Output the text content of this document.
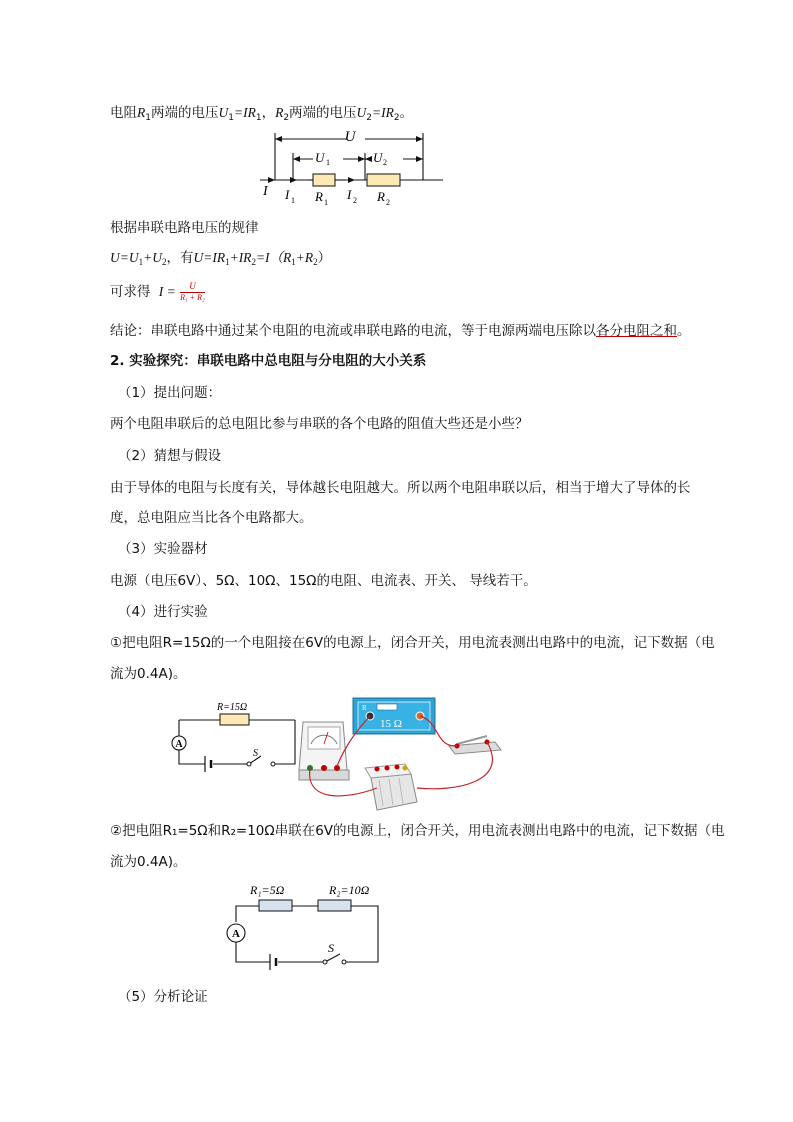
电阻$R_1$两端的电压$U_1=IR_1$，$R_2$两端的电压$U_2=IR_2$。
U
U 1	U 2
I I 1 R 1
I 2 R 2
根据串联电路电压的规律
$U=U_1+U_2$，有$U=IR_1+IR_2=I(R_1+R_2)$
可求得 $I = \frac{U}{\text{R₁ + R₂}}$
结论：串联电路中通过某个电阻的电流或串联电路的电流，等于电源两端电压除以各分电阻之和。
2. 实验探究：串联电路中总电阻与分电阻的大小关系
（1）提出问题：
两个电阻串联后的总电阻比参与串联的各个电路的阻值大些还是小些？
（2）猜想与假设
由于导体的电阻与长度有关，导体越长电阻越大。所以两个电阻串联以后，相当于增大了导体的长
度，总电阻应当比各个电路都大。
（3）实验器材
电源（电压6V）、5Ω、10Ω、15Ω的电阻、电流表、开关、 导线若干。
（4）进行实验
①把电阻R=15Ω的一个电阻接在6V的电源上，闭合开关，用电流表测出电路中的电流，记下数据（电
流为0.4A)。
A
R=15Ω
S
R
15 Ω
②把电阻R₁=5Ω和R₂=10Ω串联在6V的电源上，闭合开关，用电流表测出电路中的电流，记下数据（电
流为0.4A)。
A
R₁=5Ω	R₂=10Ω
S
（5）分析论证
